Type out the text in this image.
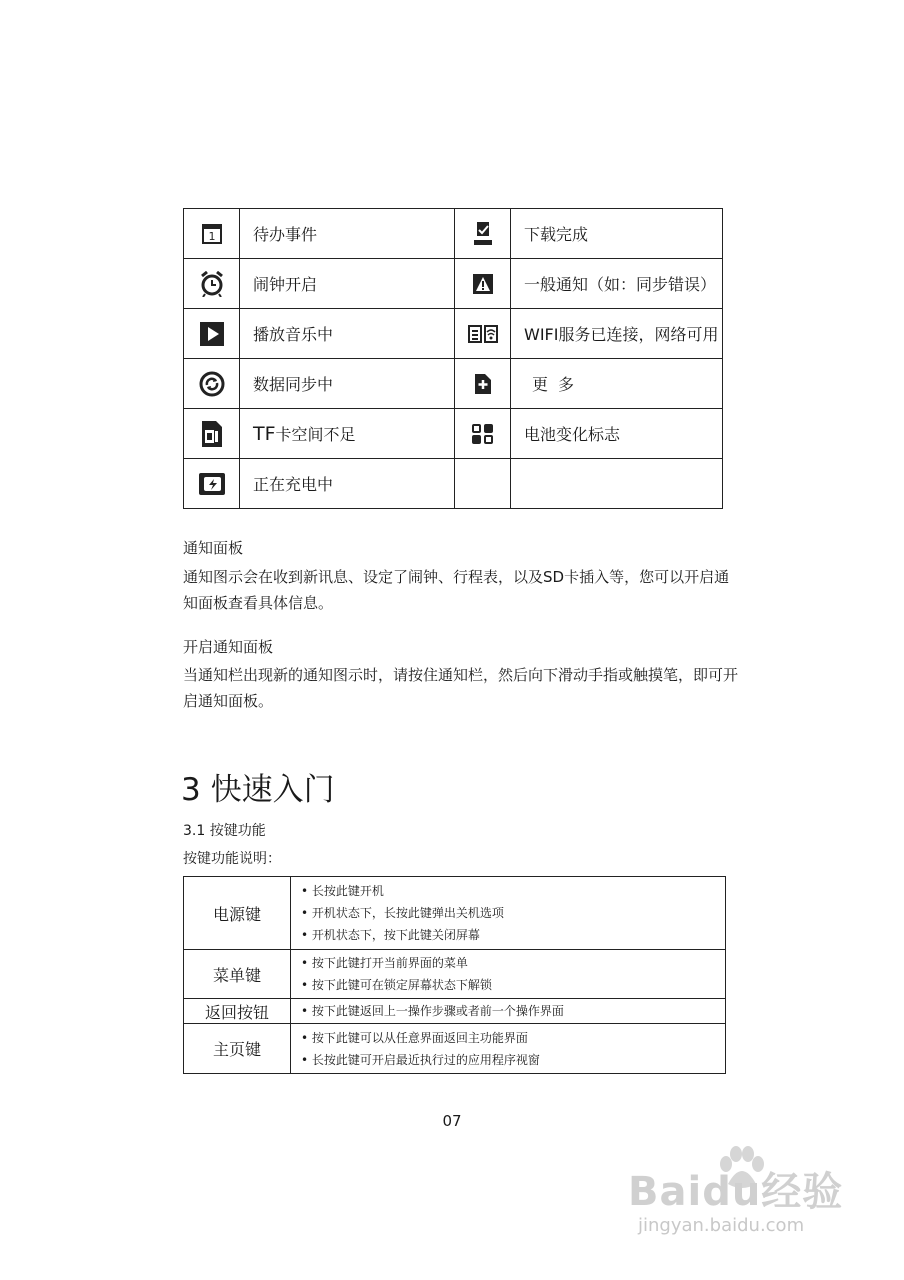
1	待办事件		下载完成

	闹钟开启		一般通知（如：同步错误）

	播放音乐中		WIFI服务已连接，网络可用

	数据同步中		更多

	TF卡空间不足		电池变化标志

	正在充电中		
通知面板
通知图示会在收到新讯息、设定了闹钟、行程表，以及SD卡插入等，您可以开启通知面板查看具体信息。
开启通知面板
当通知栏出现新的通知图示时，请按住通知栏，然后向下滑动手指或触摸笔，即可开启通知面板。
3 快速入门
3.1 按键功能
按键功能说明：
电源键	• 长按此键开机
• 开机状态下，长按此键弹出关机选项
• 开机状态下，按下此键关闭屏幕

菜单键	• 按下此键打开当前界面的菜单
• 按下此键可在锁定屏幕状态下解锁

返回按钮	• 按下此键返回上一操作步骤或者前一个操作界面

主页键	• 按下此键可以从任意界面返回主功能界面
• 长按此键可开启最近执行过的应用程序视窗
07
Baidu经验
jingyan.baidu.com
